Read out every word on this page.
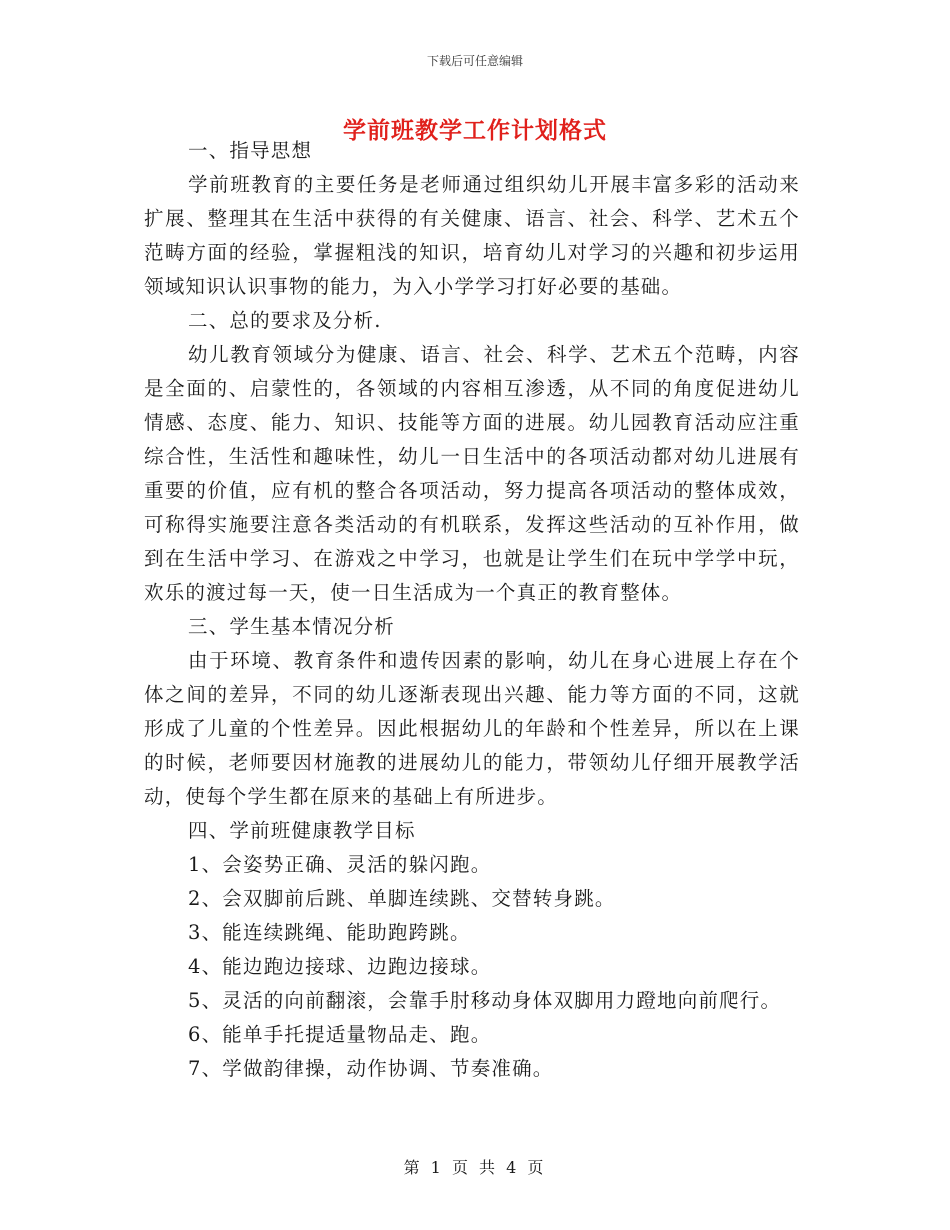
下载后可任意编辑
学前班教学工作计划格式

一、指导思想

学前班教育的主要任务是老师通过组织幼儿开展丰富多彩的活动来扩展、整理其在生活中获得的有关健康、语言、社会、科学、艺术五个范畴方面的经验，掌握粗浅的知识，培育幼儿对学习的兴趣和初步运用领域知识认识事物的能力，为入小学学习打好必要的基础。

二、总的要求及分析.

幼儿教育领域分为健康、语言、社会、科学、艺术五个范畴，内容是全面的、启蒙性的，各领域的内容相互渗透，从不同的角度促进幼儿情感、态度、能力、知识、技能等方面的进展。幼儿园教育活动应注重综合性，生活性和趣味性，幼儿一日生活中的各项活动都对幼儿进展有重要的价值，应有机的整合各项活动，努力提高各项活动的整体成效，可称得实施要注意各类活动的有机联系，发挥这些活动的互补作用，做到在生活中学习、在游戏之中学习，也就是让学生们在玩中学学中玩，欢乐的渡过每一天，使一日生活成为一个真正的教育整体。

三、学生基本情况分析

由于环境、教育条件和遗传因素的影响，幼儿在身心进展上存在个体之间的差异，不同的幼儿逐渐表现出兴趣、能力等方面的不同，这就形成了儿童的个性差异。因此根据幼儿的年龄和个性差异，所以在上课的时候，老师要因材施教的进展幼儿的能力，带领幼儿仔细开展教学活动，使每个学生都在原来的基础上有所进步。

四、学前班健康教学目标

1、会姿势正确、灵活的躲闪跑。

2、会双脚前后跳、单脚连续跳、交替转身跳。

3、能连续跳绳、能助跑跨跳。

4、能边跑边接球、边跑边接球。

5、灵活的向前翻滚，会靠手肘移动身体双脚用力蹬地向前爬行。

6、能单手托提适量物品走、跑。

7、学做韵律操，动作协调、节奏准确。

第 1 页 共 4 页
